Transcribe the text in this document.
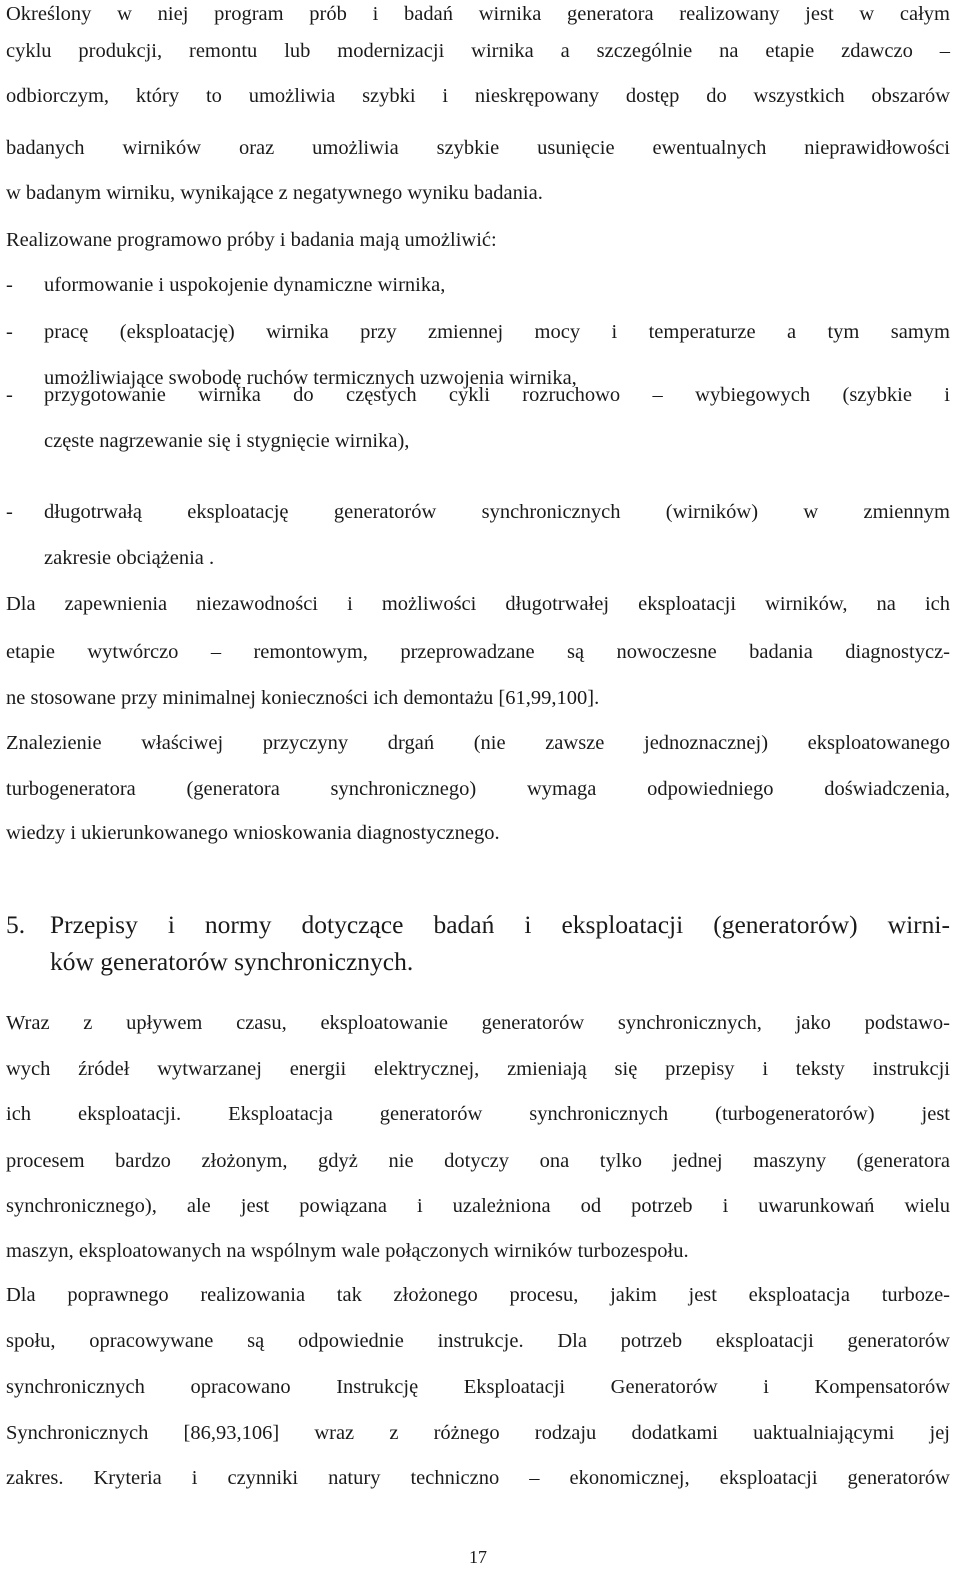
Określony w niej program prób i badań wirnika generatora realizowany jest w całym
cyklu produkcji, remontu lub modernizacji wirnika a szczególnie na etapie zdawczo –
odbiorczym, który to umożliwia szybki i nieskrępowany dostęp do wszystkich obszarów
badanych wirników oraz umożliwia szybkie usunięcie ewentualnych nieprawidłowości
w badanym wirniku, wynikające z negatywnego wyniku badania.
Realizowane programowo próby i badania mają umożliwić:
- uformowanie i uspokojenie dynamiczne wirnika,
- pracę (eksploatację) wirnika przy zmiennej mocy i temperaturze a tym samym
umożliwiające swobodę ruchów termicznych uzwojenia wirnika,
- przygotowanie wirnika do częstych cykli rozruchowo – wybiegowych (szybkie i
częste nagrzewanie się i stygnięcie wirnika),
- długotrwałą eksploatację generatorów synchronicznych (wirników) w zmiennym
zakresie obciążenia .
Dla zapewnienia niezawodności i możliwości długotrwałej eksploatacji wirników, na ich
etapie wytwórczo – remontowym, przeprowadzane są nowoczesne badania diagnostycz-
ne stosowane przy minimalnej konieczności ich demontażu [61,99,100].
Znalezienie właściwej przyczyny drgań (nie zawsze jednoznacznej) eksploatowanego
turbogeneratora (generatora synchronicznego) wymaga odpowiedniego doświadczenia,
wiedzy i ukierunkowanego wnioskowania diagnostycznego.
5. Przepisy i normy dotyczące badań i eksploatacji (generatorów) wirni-
ków generatorów synchronicznych.
Wraz z upływem czasu, eksploatowanie generatorów synchronicznych, jako podstawo-
wych źródeł wytwarzanej energii elektrycznej, zmieniają się przepisy i teksty instrukcji
ich eksploatacji. Eksploatacja generatorów synchronicznych (turbogeneratorów) jest
procesem bardzo złożonym, gdyż nie dotyczy ona tylko jednej maszyny (generatora
synchronicznego), ale jest powiązana i uzależniona od potrzeb i uwarunkowań wielu
maszyn, eksploatowanych na wspólnym wale połączonych wirników turbozespołu.
Dla poprawnego realizowania tak złożonego procesu, jakim jest eksploatacja turboze-
społu, opracowywane są odpowiednie instrukcje. Dla potrzeb eksploatacji generatorów
synchronicznych opracowano Instrukcję Eksploatacji Generatorów i Kompensatorów
Synchronicznych [86,93,106] wraz z różnego rodzaju dodatkami uaktualniającymi jej
zakres. Kryteria i czynniki natury techniczno – ekonomicznej, eksploatacji generatorów
17
